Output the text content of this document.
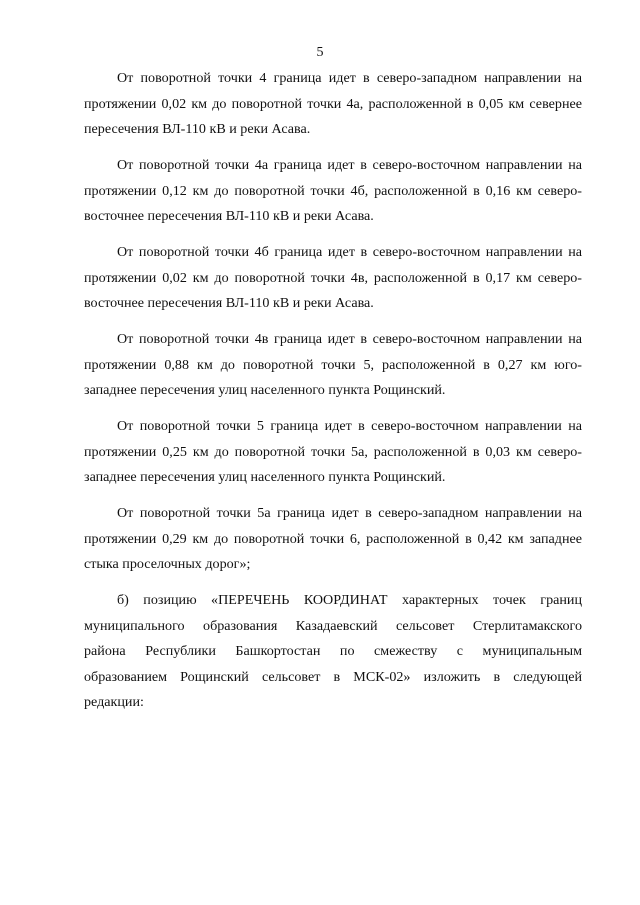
5

От поворотной точки 4 граница идет в северо-западном направлении на протяжении 0,02 км до поворотной точки 4а, расположенной в 0,05 км севернее пересечения ВЛ-110 кВ и реки Асава.

От поворотной точки 4а граница идет в северо-восточном направлении на протяжении 0,12 км до поворотной точки 4б, расположенной в 0,16 км северо-восточнее пересечения ВЛ-110 кВ и реки Асава.

От поворотной точки 4б граница идет в северо-восточном направлении на протяжении 0,02 км до поворотной точки 4в, расположенной в 0,17 км северо-восточнее пересечения ВЛ-110 кВ и реки Асава.

От поворотной точки 4в граница идет в северо-восточном направлении на протяжении 0,88 км до поворотной точки 5, расположенной в 0,27 км юго-западнее пересечения улиц населенного пункта Рощинский.

От поворотной точки 5 граница идет в северо-восточном направлении на протяжении 0,25 км до поворотной точки 5а, расположенной в 0,03 км северо-западнее пересечения улиц населенного пункта Рощинский.

От поворотной точки 5а граница идет в северо-западном направлении на протяжении 0,29 км до поворотной точки 6, расположенной в 0,42 км западнее стыка проселочных дорог»;

б) позицию «ПЕРЕЧЕНЬ КООРДИНАТ характерных точек границ муниципального образования Казадаевский сельсовет Стерлитамакского района Республики Башкортостан по смежеству с муниципальным образованием Рощинский сельсовет в МСК-02» изложить в следующей редакции:
